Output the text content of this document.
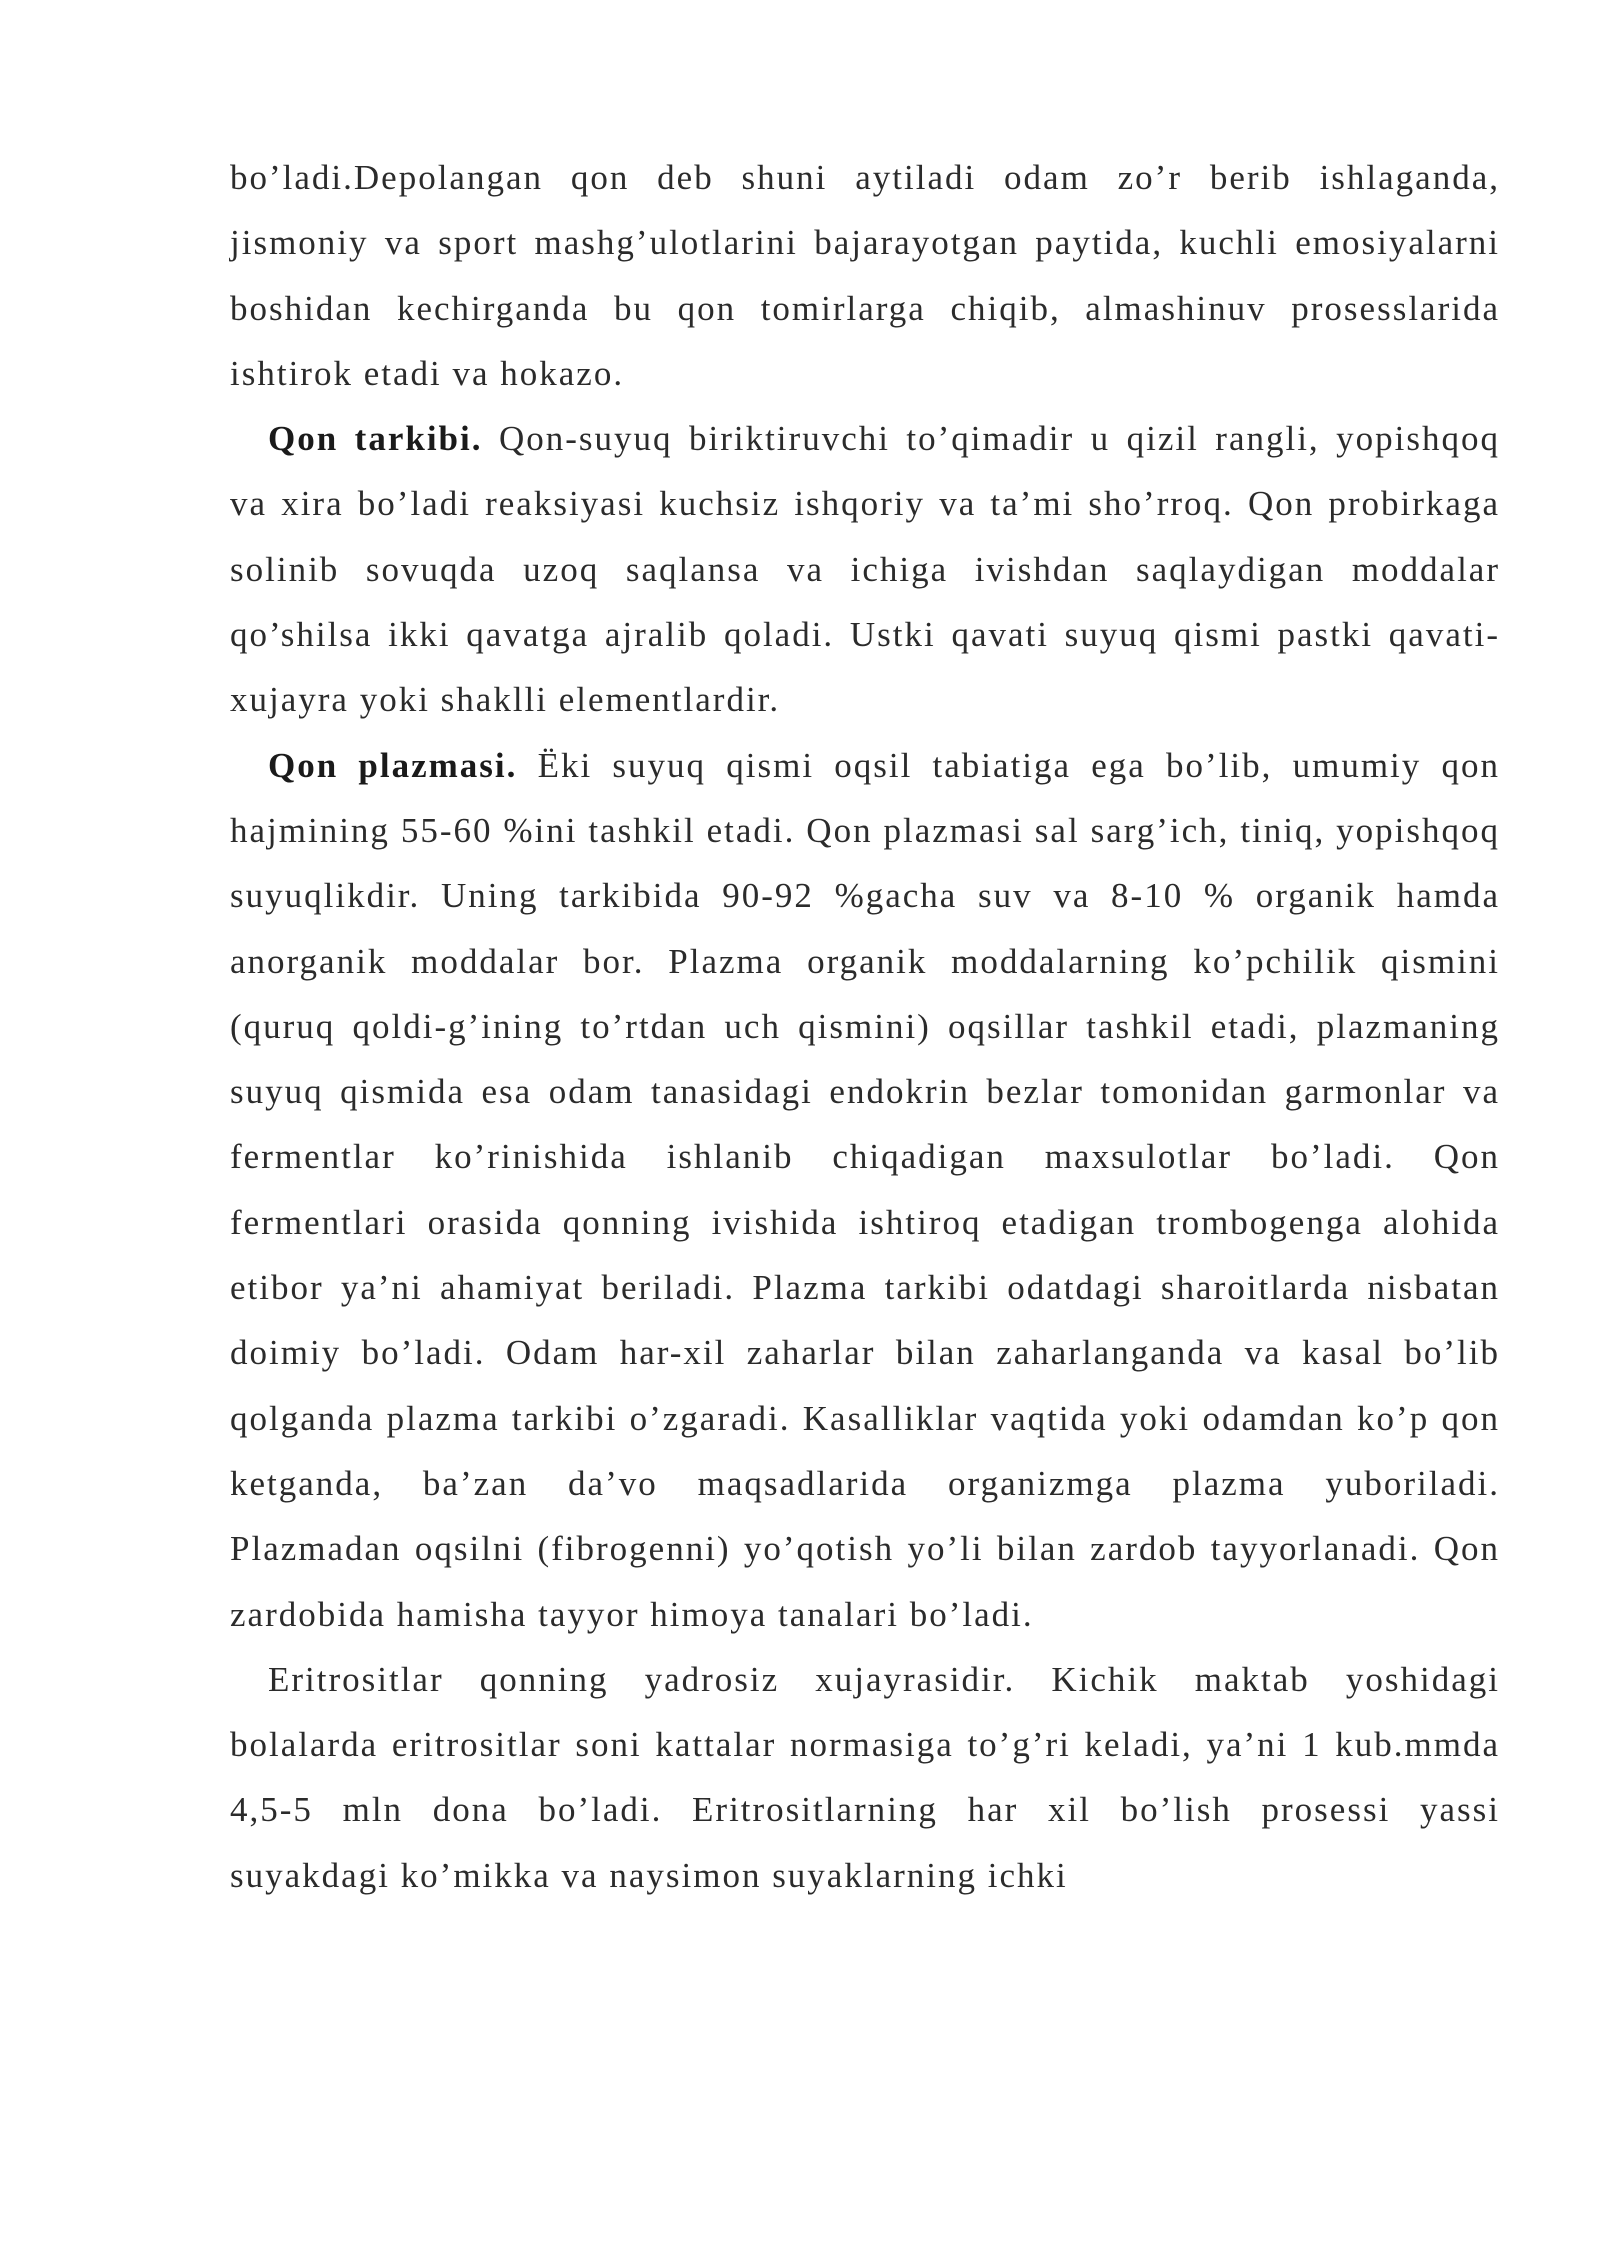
bo’ladi.Depolangan qon deb shuni aytiladi odam zo’r berib ishlaganda, jismoniy va sport mashg’ulotlarini bajarayotgan paytida, kuchli emosiyalarni boshidan kechirganda bu qon tomirlarga chiqib, almashinuv prosesslarida ishtirok etadi va hokazo.

Qon tarkibi. Qon-suyuq biriktiruvchi to’qimadir u qizil rangli, yopishqoq va xira bo’ladi reaksiyasi kuchsiz ishqoriy va ta’mi sho’rroq. Qon probirkaga solinib sovuqda uzoq saqlansa va ichiga ivishdan saqlaydigan moddalar qo’shilsa ikki qavatga ajralib qoladi. Ustki qavati suyuq qismi pastki qavati-xujayra yoki shaklli elementlardir.

Qon plazmasi. Ёki suyuq qismi oqsil tabiatiga ega bo’lib, umumiy qon hajmining 55-60 %ini tashkil etadi. Qon plazmasi sal sarg’ich, tiniq, yopishqoq suyuqlikdir. Uning tarkibida 90-92 %gacha suv va 8-10 % organik hamda anorganik moddalar bor. Plazma organik moddalarning ko’pchilik qismini (quruq qoldi-g’ining to’rtdan uch qismini) oqsillar tashkil etadi, plazmaning suyuq qismida esa odam tanasidagi endokrin bezlar tomonidan garmonlar va fermentlar ko’rinishida ishlanib chiqadigan maxsulotlar bo’ladi. Qon fermentlari orasida qonning ivishida ishtiroq etadigan trombogenga alohida etibor ya’ni ahamiyat beriladi. Plazma tarkibi odatdagi sharoitlarda nisbatan doimiy bo’ladi. Odam har-xil zaharlar bilan zaharlanganda va kasal bo’lib qolganda plazma tarkibi o’zgaradi. Kasalliklar vaqtida yoki odamdan ko’p qon ketganda, ba’zan da’vo maqsadlarida organizmga plazma yuboriladi. Plazmadan oqsilni (fibrogenni) yo’qotish yo’li bilan zardob tayyorlanadi. Qon zardobida hamisha tayyor himoya tanalari bo’ladi.

Eritrositlar qonning yadrosiz xujayrasidir. Kichik maktab yoshidagi bolalarda eritrositlar soni kattalar normasiga to’g’ri keladi, ya’ni 1 kub.mmda 4,5-5 mln dona bo’ladi. Eritrositlarning har xil bo’lish prosessi yassi suyakdagi ko’mikka va naysimon suyaklarning ichki
